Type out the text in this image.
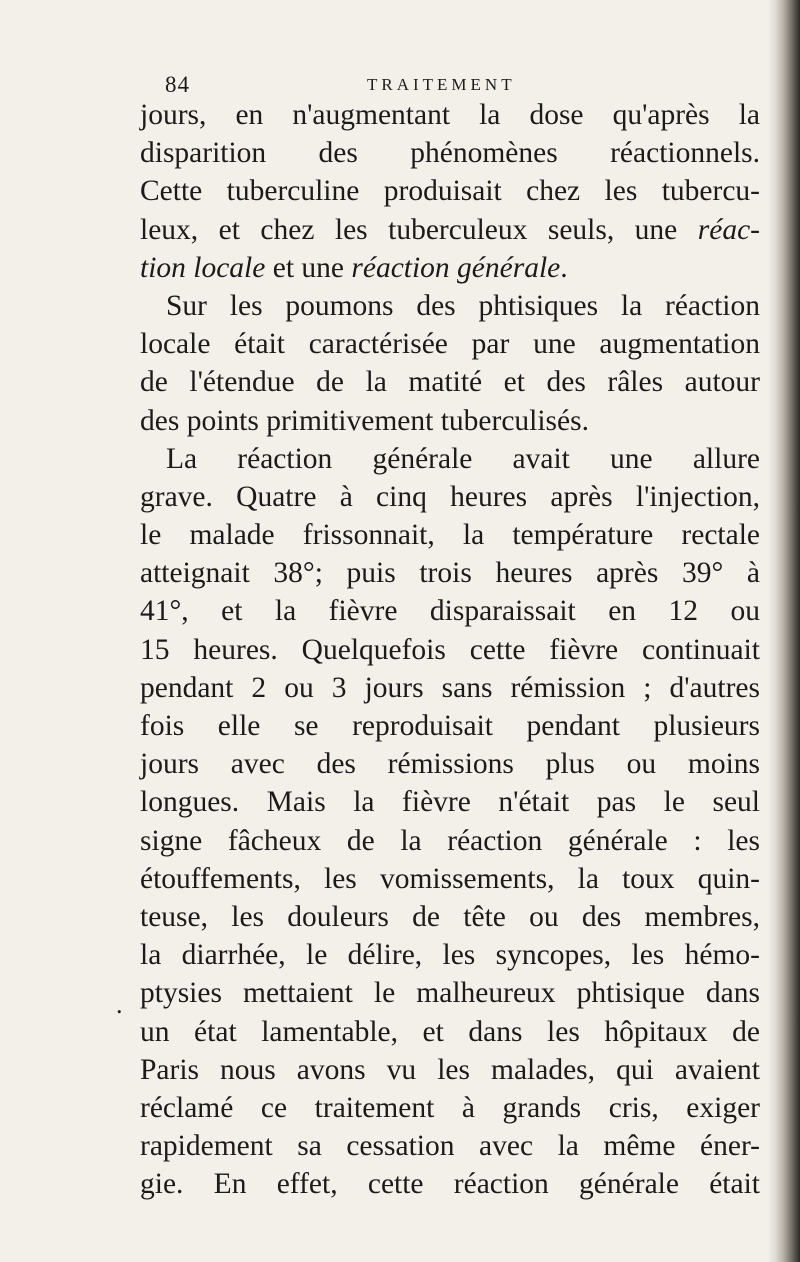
84	TRAITEMENT
.
jours, en n'augmentant la dose qu'après la
disparition des phénomènes réactionnels.
Cette tuberculine produisait chez les tubercu-
leux, et chez les tuberculeux seuls, une réac-
tion locale et une réaction générale.
Sur les poumons des phtisiques la réaction
locale était caractérisée par une augmentation
de l'étendue de la matité et des râles autour
des points primitivement tuberculisés.
La réaction générale avait une allure
grave. Quatre à cinq heures après l'injection,
le malade frissonnait, la température rectale
atteignait 38°; puis trois heures après 39° à
41°, et la fièvre disparaissait en 12 ou
15 heures. Quelquefois cette fièvre continuait
pendant 2 ou 3 jours sans rémission ; d'autres
fois elle se reproduisait pendant plusieurs
jours avec des rémissions plus ou moins
longues. Mais la fièvre n'était pas le seul
signe fâcheux de la réaction générale : les
étouffements, les vomissements, la toux quin-
teuse, les douleurs de tête ou des membres,
la diarrhée, le délire, les syncopes, les hémo-
ptysies mettaient le malheureux phtisique dans
un état lamentable, et dans les hôpitaux de
Paris nous avons vu les malades, qui avaient
réclamé ce traitement à grands cris, exiger
rapidement sa cessation avec la même éner-
gie. En effet, cette réaction générale était
